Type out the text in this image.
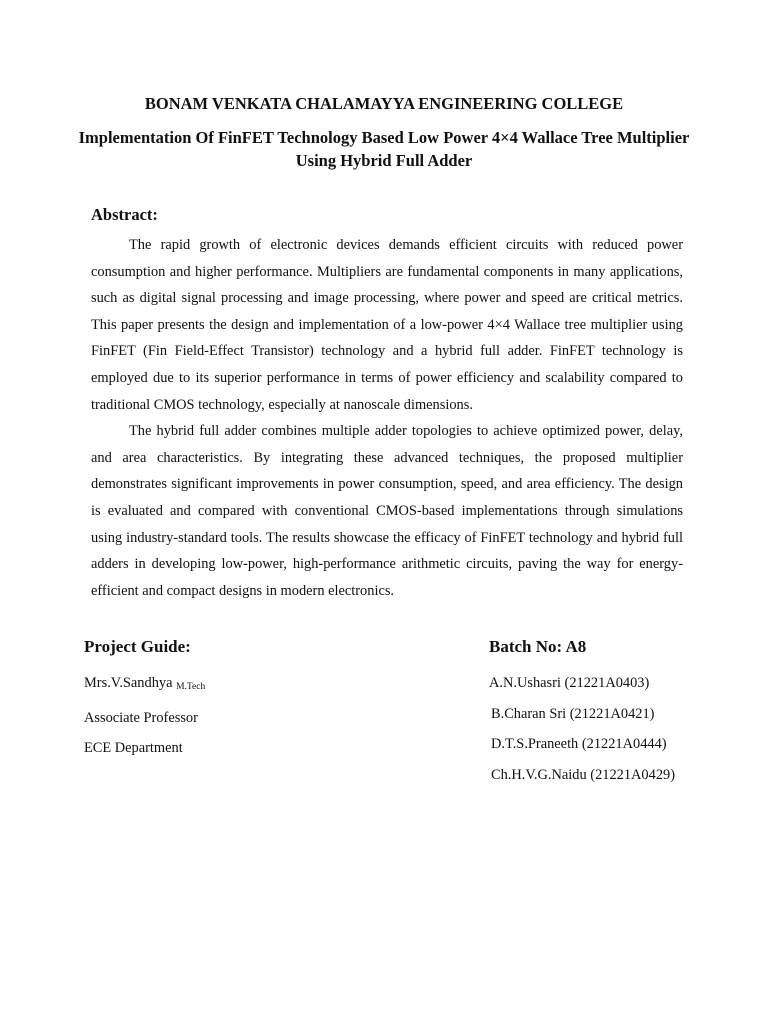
BONAM VENKATA CHALAMAYYA ENGINEERING COLLEGE
Implementation Of FinFET Technology Based Low Power 4×4 Wallace Tree Multiplier Using Hybrid Full Adder
Abstract:

The rapid growth of electronic devices demands efficient circuits with reduced power consumption and higher performance. Multipliers are fundamental components in many applications, such as digital signal processing and image processing, where power and speed are critical metrics. This paper presents the design and implementation of a low-power 4×4 Wallace tree multiplier using FinFET (Fin Field-Effect Transistor) technology and a hybrid full adder. FinFET technology is employed due to its superior performance in terms of power efficiency and scalability compared to traditional CMOS technology, especially at nanoscale dimensions.

The hybrid full adder combines multiple adder topologies to achieve optimized power, delay, and area characteristics. By integrating these advanced techniques, the proposed multiplier demonstrates significant improvements in power consumption, speed, and area efficiency. The design is evaluated and compared with conventional CMOS-based implementations through simulations using industry-standard tools. The results showcase the efficacy of FinFET technology and hybrid full adders in developing low-power, high-performance arithmetic circuits, paving the way for energy-efficient and compact designs in modern electronics.

Project Guide:
Mrs.V.Sandhya M.Tech
Associate Professor
ECE Department
Batch No: A8
A.N.Ushasri (21221A0403)
B.Charan Sri (21221A0421)
D.T.S.Praneeth (21221A0444)
Ch.H.V.G.Naidu (21221A0429)
